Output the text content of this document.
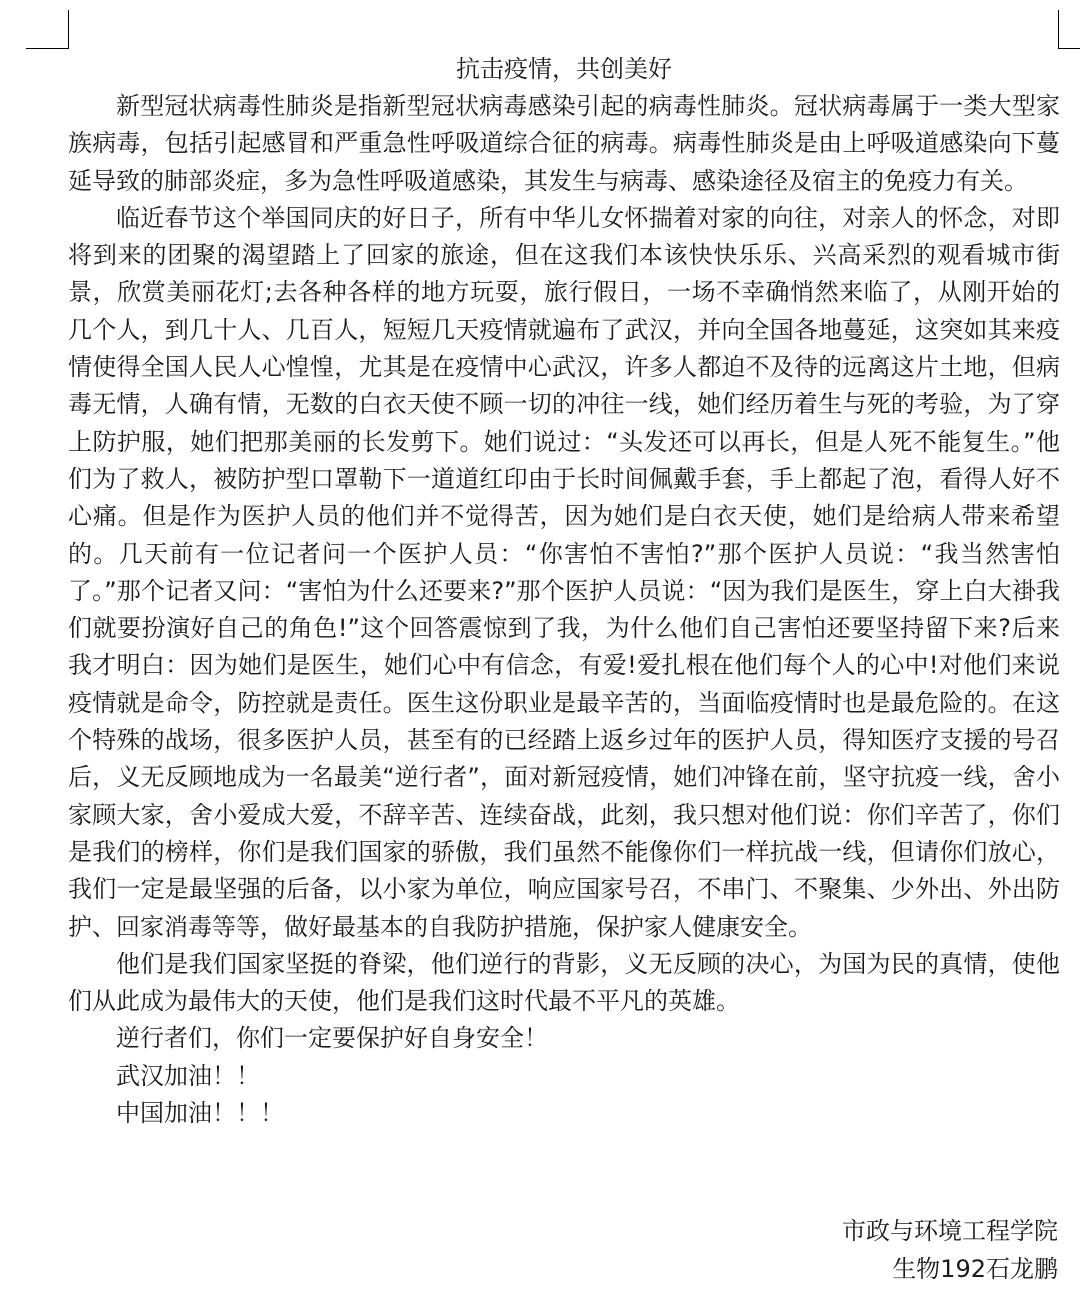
抗击疫情，共创美好

新型冠状病毒性肺炎是指新型冠状病毒感染引起的病毒性肺炎。冠状病毒属于一类大型家族病毒，包括引起感冒和严重急性呼吸道综合征的病毒。病毒性肺炎是由上呼吸道感染向下蔓延导致的肺部炎症，多为急性呼吸道感染，其发生与病毒、感染途径及宿主的免疫力有关。

临近春节这个举国同庆的好日子，所有中华儿女怀揣着对家的向往，对亲人的怀念，对即将到来的团聚的渴望踏上了回家的旅途，但在这我们本该快快乐乐、兴高采烈的观看城市街景，欣赏美丽花灯;去各种各样的地方玩耍，旅行假日，一场不幸确悄然来临了，从刚开始的几个人，到几十人、几百人，短短几天疫情就遍布了武汉，并向全国各地蔓延，这突如其来疫情使得全国人民人心惶惶，尤其是在疫情中心武汉，许多人都迫不及待的远离这片土地，但病毒无情，人确有情，无数的白衣天使不顾一切的冲往一线，她们经历着生与死的考验，为了穿上防护服，她们把那美丽的长发剪下。她们说过：“头发还可以再长，但是人死不能复生。”他们为了救人，被防护型口罩勒下一道道红印由于长时间佩戴手套，手上都起了泡，看得人好不心痛。但是作为医护人员的他们并不觉得苦，因为她们是白衣天使，她们是给病人带来希望的。几天前有一位记者问一个医护人员：“你害怕不害怕?”那个医护人员说：“我当然害怕了。”那个记者又问：“害怕为什么还要来?”那个医护人员说：“因为我们是医生，穿上白大褂我们就要扮演好自己的角色!”这个回答震惊到了我，为什么他们自己害怕还要坚持留下来?后来我才明白：因为她们是医生，她们心中有信念，有爱!爱扎根在他们每个人的心中!对他们来说疫情就是命令，防控就是责任。医生这份职业是最辛苦的，当面临疫情时也是最危险的。在这个特殊的战场，很多医护人员，甚至有的已经踏上返乡过年的医护人员，得知医疗支援的号召后，义无反顾地成为一名最美“逆行者”，面对新冠疫情，她们冲锋在前，坚守抗疫一线，舍小家顾大家，舍小爱成大爱，不辞辛苦、连续奋战，此刻，我只想对他们说：你们辛苦了，你们是我们的榜样，你们是我们国家的骄傲，我们虽然不能像你们一样抗战一线，但请你们放心，我们一定是最坚强的后备，以小家为单位，响应国家号召，不串门、不聚集、少外出、外出防护、回家消毒等等，做好最基本的自我防护措施，保护家人健康安全。

他们是我们国家坚挺的脊梁，他们逆行的背影，义无反顾的决心，为国为民的真情，使他们从此成为最伟大的天使，他们是我们这时代最不平凡的英雄。

逆行者们，你们一定要保护好自身安全！

武汉加油！！

中国加油！！！

市政与环境工程学院
生物192石龙鹏
